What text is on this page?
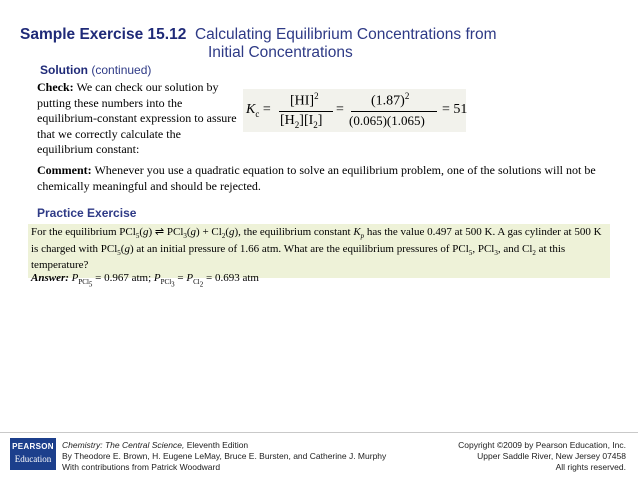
Sample Exercise 15.12 Calculating Equilibrium Concentrations from
Initial Concentrations
Solution (continued)
Check: We can check our solution by putting these numbers into the equilibrium-constant expression to assure that we correctly calculate the equilibrium constant:
$K_c$ =
[HI]$^2$
$[H_2][I_2]$
=
$(1.87)^2$
(0.065)(1.065)
= 51
Comment: Whenever you use a quadratic equation to solve an equilibrium problem, one of the solutions will not be chemically meaningful and should be rejected.
Practice Exercise
For the equilibrium PCl$_5$(g) ⇌ $PCl_3(g) + Cl_2(g)$, the equilibrium constant $K_p$ has the value 0.497 at 500 K. A gas cylinder at 500 K is charged with PCl$_5$(g) at an initial pressure of 1.66 atm. What are the equilibrium pressures of PCl$_5$, PCl$_3$, and $Cl_2$ at this temperature?
Answer: $P_{PCl_5} = 0.967$ atm; $P_{PCl_3} = P_{Cl_2} = 0.693$ atm
PEARSON
Education
Chemistry: The Central Science, Eleventh Edition
By Theodore E. Brown, H. Eugene LeMay, Bruce E. Bursten, and Catherine J. Murphy
With contributions from Patrick Woodward
Copyright ©2009 by Pearson Education, Inc.
Upper Saddle River, New Jersey 07458
All rights reserved.
